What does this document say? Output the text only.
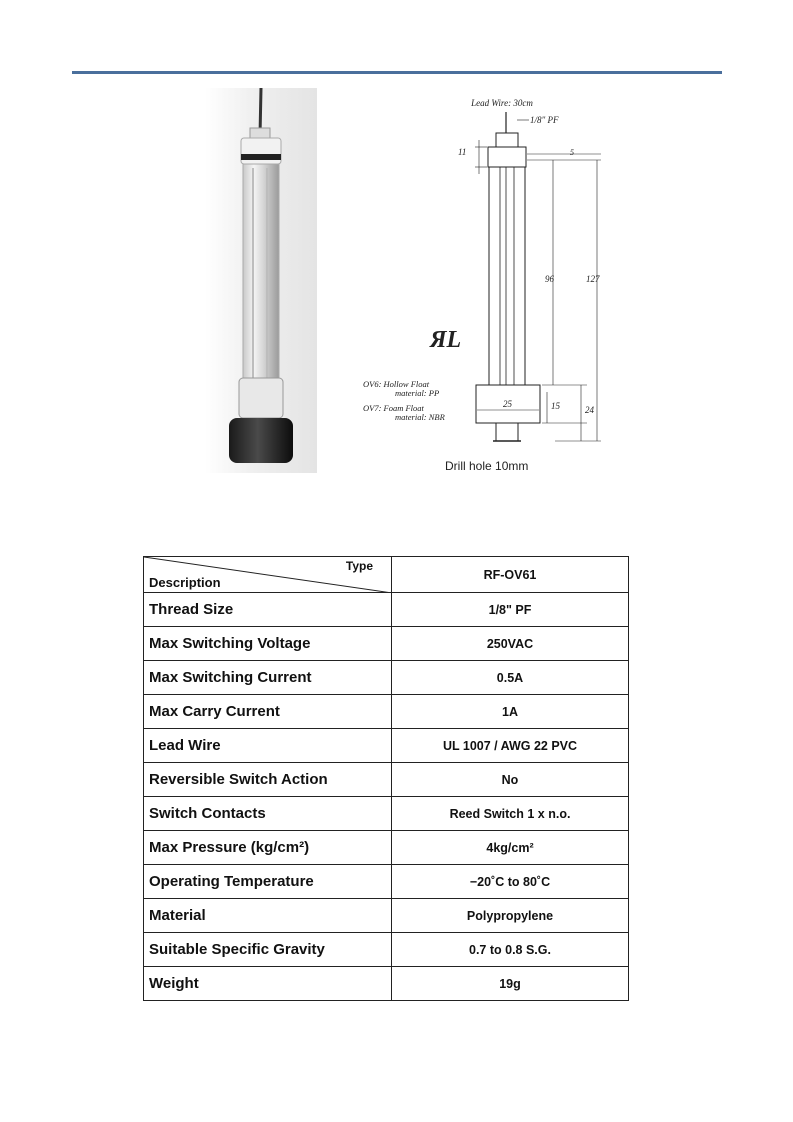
Lead Wire: 30cm
1/8" PF
11	5
96	127
25	15	24
ЯL
OV6: Hollow Float
material: PP
OV7: Foam Float
material: NBR
Drill hole 10mm
Type
Description	RF-OV61
Thread Size	1/8" PF
Max Switching Voltage	250VAC
Max Switching Current	0.5A
Max Carry Current	1A
Lead Wire	UL 1007 / AWG 22 PVC
Reversible Switch Action	No
Switch Contacts	Reed Switch 1 x n.o.
Max Pressure (kg/cm²)	4kg/cm²
Operating Temperature	−20˚C to 80˚C
Material	Polypropylene
Suitable Specific Gravity	0.7 to 0.8 S.G.
Weight	19g
